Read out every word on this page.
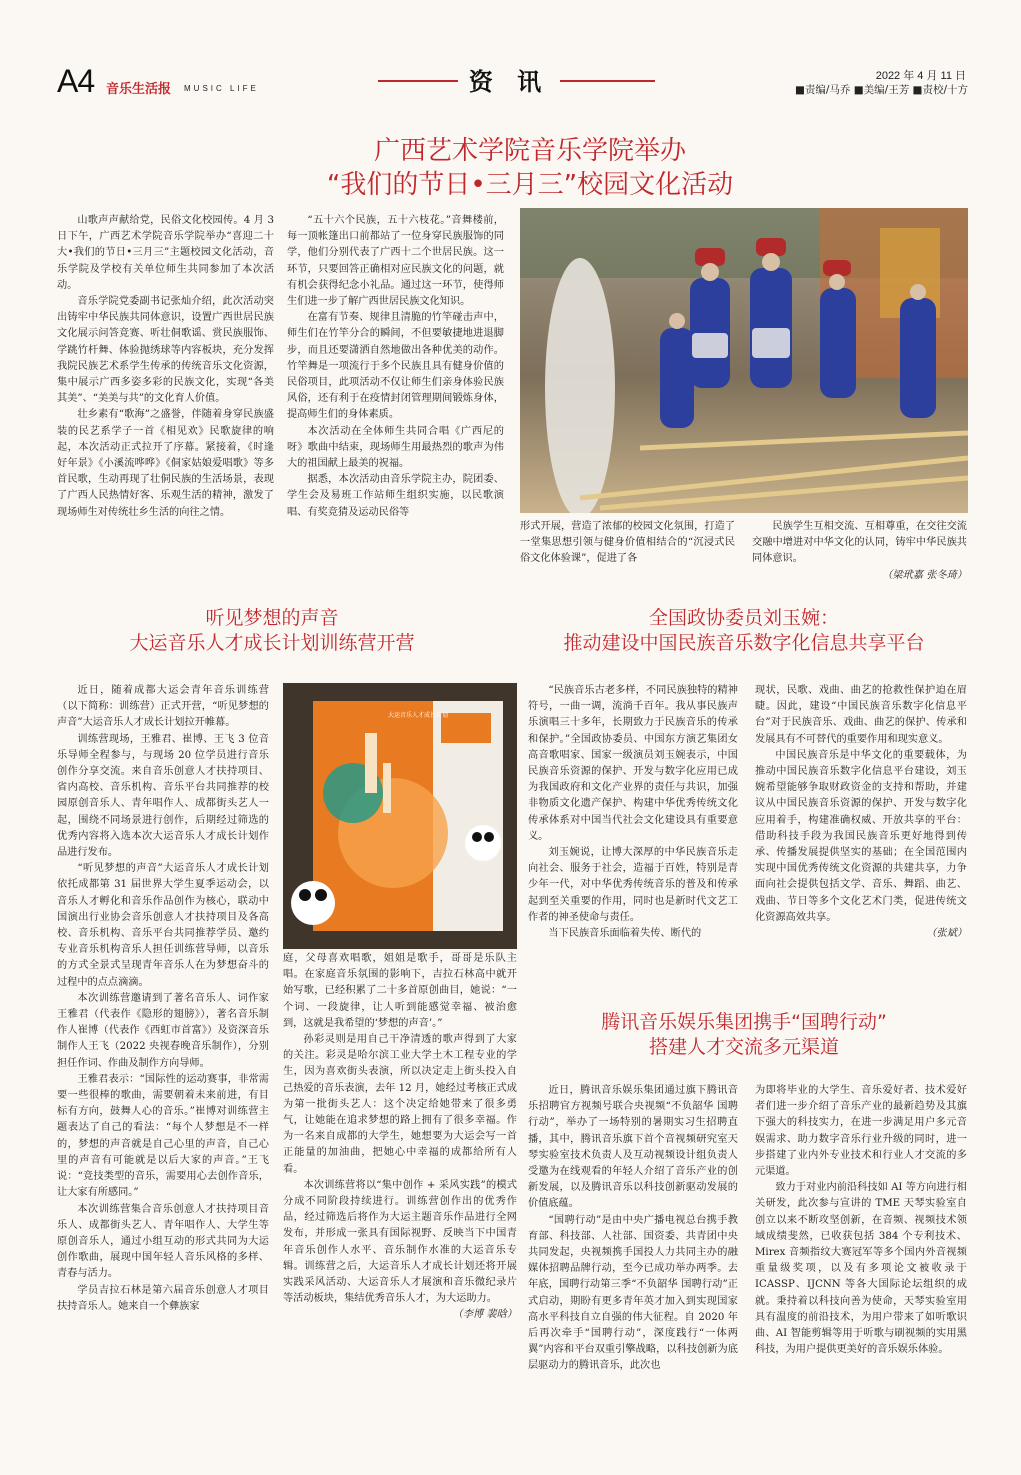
A4 音乐生活报 MUSIC LIFE	资 讯	2022 年 4 月 11 日
■责编/马乔 ■美编/王芳 ■责校/十方
广西艺术学院音乐学院举办
“我们的节日•三月三”校园文化活动

山歌声声献给党，民俗文化校园传。4 月 3 日下午，广西艺术学院音乐学院举办“喜迎二十大•我们的节日•三月三”主题校园文化活动，音乐学院及学校有关单位师生共同参加了本次活动。

音乐学院党委副书记张灿介绍，此次活动突出铸牢中华民族共同体意识，设置广西世居民族文化展示问答竞赛、听壮侗歌谣、赏民族服饰、学跳竹杆舞、体验抛绣球等内容板块，充分发挥我院民族艺术系学生传承的传统音乐文化资源，集中展示广西多姿多彩的民族文化，实现“各美其美”、“美美与共”的文化育人价值。

壮乡素有“歌海”之盛誉，伴随着身穿民族盛装的民艺系学子一首《相见欢》民歌旋律的响起，本次活动正式拉开了序幕。紧接着，《时逢好年景》《小溪流哗哗》《侗家姑娘爱唱歌》等多首民歌，生动再现了壮侗民族的生活场景，表现了广西人民热情好客、乐观生活的精神，激发了现场师生对传统壮乡生活的向往之情。

“五十六个民族，五十六枝花。”音舞楼前，每一顶帐篷出口前都站了一位身穿民族服饰的同学，他们分别代表了广西十二个世居民族。这一环节，只要回答正确相对应民族文化的问题，就有机会获得纪念小礼品。通过这一环节，使得师生们进一步了解广西世居民族文化知识。

在富有节奏、规律且清脆的竹竿碰击声中，师生们在竹竿分合的瞬间，不但要敏捷地进退脚步，而且还要潇洒自然地做出各种优美的动作。竹竿舞是一项流行于多个民族且具有健身价值的民俗项目，此项活动不仅让师生们亲身体验民族风俗，还有利于在疫情封闭管理期间锻炼身体，提高师生们的身体素质。

本次活动在全体师生共同合唱《广西尼的呀》歌曲中结束，现场师生用最热烈的歌声为伟大的祖国献上最美的祝福。

据悉，本次活动由音乐学院主办，院团委、学生会及易班工作站师生组织实施，以民歌演唱、有奖竞猜及运动民俗等

形式开展，营造了浓郁的校园文化氛围，打造了一堂集思想引领与健身价值相结合的“沉浸式民俗文化体验课”，促进了各

民族学生互相交流、互相尊重，在交往交流交融中增进对中华文化的认同，铸牢中华民族共同体意识。

（梁玳嘉 张冬琦）
听见梦想的声音
大运音乐人才成长计划训练营开营

近日，随着成都大运会青年音乐训练营（以下简称：训练营）正式开营，“听见梦想的声音”大运音乐人才成长计划拉开帷幕。

训练营现场，王雅君、崔博、王飞 3 位音乐导师全程参与，与现场 20 位学员进行音乐创作分享交流。来自音乐创意人才扶持项目、省内高校、音乐机构、音乐平台共同推荐的校园原创音乐人、青年唱作人、成都街头艺人一起，围绕不同场景进行创作，后期经过筛选的优秀内容将入选本次大运音乐人才成长计划作品进行发布。

“听见梦想的声音”大运音乐人才成长计划依托成都第 31 届世界大学生夏季运动会，以音乐人才孵化和音乐作品创作为核心，联动中国演出行业协会音乐创意人才扶持项目及各高校、音乐机构、音乐平台共同推荐学员、邀约专业音乐机构音乐人担任训练营导师，以音乐的方式全景式呈现青年音乐人在为梦想奋斗的过程中的点点滴滴。

本次训练营邀请到了著名音乐人、词作家王雅君（代表作《隐形的翅膀》），著名音乐制作人崔博（代表作《西虹市首富》）及资深音乐制作人王飞（2022 央视春晚音乐制作），分别担任作词、作曲及制作方向导师。

王雅君表示：“国际性的运动赛事，非常需要一些很棒的歌曲，需要朝着未来前进，有目标有方向，鼓舞人心的音乐。”崔博对训练营主题表达了自己的看法：“每个人梦想是不一样的，梦想的声音就是自己心里的声音，自己心里的声音有可能就是以后大家的声音。”王飞说：“竞技类型的音乐，需要用心去创作音乐，让大家有所感同。”

本次训练营集合音乐创意人才扶持项目音乐人、成都街头艺人、青年唱作人、大学生等原创音乐人，通过小组互动的形式共同为大运创作歌曲，展现中国年轻人音乐风格的多样、青春与活力。

学员吉拉石林是第六届音乐创意人才项目扶持音乐人。她来自一个彝族家

大运音乐人才成长计划

庭，父母喜欢唱歌，姐姐是歌手，哥哥是乐队主唱。在家庭音乐氛围的影响下，吉拉石林高中就开始写歌，已经积累了二十多首原创曲目，她说：“一个词、一段旋律，让人听到能感觉幸福、被治愈到，这就是我希望的‘梦想的声音’。”

孙彩灵则是用自己干净清透的歌声得到了大家的关注。彩灵是哈尔滨工业大学土木工程专业的学生，因为喜欢街头表演，所以决定走上街头投入自己热爱的音乐表演，去年 12 月，她经过考核正式成为第一批街头艺人：这个决定给她带来了很多勇气，让她能在追求梦想的路上拥有了很多幸福。作为一名来自成都的大学生，她想要为大运会写一首正能量的加油曲，把她心中幸福的成都给所有人看。

本次训练营将以“集中创作 + 采风实践”的模式分成不同阶段持续进行。训练营创作出的优秀作品，经过筛选后将作为大运主题音乐作品进行全网发布，并形成一张具有国际视野、反映当下中国青年音乐创作人水平、音乐制作水准的大运音乐专辑。训练营之后，大运音乐人才成长计划还将开展实践采风活动、大运音乐人才展演和音乐微纪录片等活动板块，集结优秀音乐人才，为大运助力。

（李博 裴晗）
全国政协委员刘玉婉：
推动建设中国民族音乐数字化信息共享平台

“民族音乐古老多样，不同民族独特的精神符号，一曲一调，流淌千百年。我从事民族声乐演唱三十多年，长期致力于民族音乐的传承和保护。”全国政协委员、中国东方演艺集团女高音歌唱家、国家一级演员刘玉婉表示，中国民族音乐资源的保护、开发与数字化应用已成为我国政府和文化产业界的责任与共识，加强非物质文化遗产保护、构建中华优秀传统文化传承体系对中国当代社会文化建设具有重要意义。

刘玉婉说，让博大深厚的中华民族音乐走向社会、服务于社会，造福于百姓，特别是青少年一代，对中华优秀传统音乐的普及和传承起到至关重要的作用，同时也是新时代文艺工作者的神圣使命与责任。

当下民族音乐面临着失传、断代的

现状，民歌、戏曲、曲艺的抢救性保护迫在眉睫。因此，建设“中国民族音乐数字化信息平台”对于民族音乐、戏曲、曲艺的保护、传承和发展具有不可替代的重要作用和现实意义。

中国民族音乐是中华文化的重要载体，为推动中国民族音乐数字化信息平台建设，刘玉婉希望能够争取财政资金的支持和帮助，并建议从中国民族音乐资源的保护、开发与数字化应用着手，构建准确权威、开放共享的平台：借助科技手段为我国民族音乐更好地得到传承、传播发展提供坚实的基础；在全国范围内实现中国优秀传统文化资源的共建共享，力争面向社会提供包括文学、音乐、舞蹈、曲艺、戏曲、节日等多个文化艺术门类，促进传统文化资源高效共享。

（张斌）
腾讯音乐娱乐集团携手“国聘行动”
搭建人才交流多元渠道

近日，腾讯音乐娱乐集团通过旗下腾讯音乐招聘官方视频号联合央视频“不负韶华 国聘行动”，举办了一场特别的暑期实习生招聘直播，其中，腾讯音乐旗下首个音视频研究室天琴实验室技术负责人及互动视频设计组负责人受邀为在线观看的年轻人介绍了音乐产业的创新发展，以及腾讯音乐以科技创新驱动发展的价值底蕴。

“国聘行动”是由中央广播电视总台携手教育部、科技部、人社部、国资委、共青团中央共同发起，央视频携手国投人力共同主办的融媒体招聘品牌行动，至今已成功举办两季。去年底，国聘行动第三季“不负韶华 国聘行动”正式启动，期盼有更多青年英才加入到实现国家高水平科技自立自强的伟大征程。自 2020 年后再次牵手“国聘行动”，深度践行“一体两翼”内容和平台双重引擎战略，以科技创新为底层驱动力的腾讯音乐，此次也

为即将毕业的大学生、音乐爱好者、技术爱好者们进一步介绍了音乐产业的最新趋势及其旗下强大的科技实力，在进一步满足用户多元音娱需求、助力数字音乐行业升级的同时，进一步搭建了业内外专业技术和行业人才交流的多元渠道。

致力于对业内前沿科技如 AI 等方向进行相关研发，此次参与宣讲的 TME 天琴实验室自创立以来不断攻坚创新，在音频、视频技术领域成绩斐然，已收获包括 384 个专利技术、Mirex 音频指纹大赛冠军等多个国内外音视频重量级奖项，以及有多项论文被收录于 ICASSP、IJCNN 等各大国际论坛组织的成就。秉持着以科技向善为使命，天琴实验室用具有温度的前沿技术，为用户带来了如听歌识曲、AI 智能剪辑等用于听歌与刷视频的实用黑科技，为用户提供更美好的音乐娱乐体验。
